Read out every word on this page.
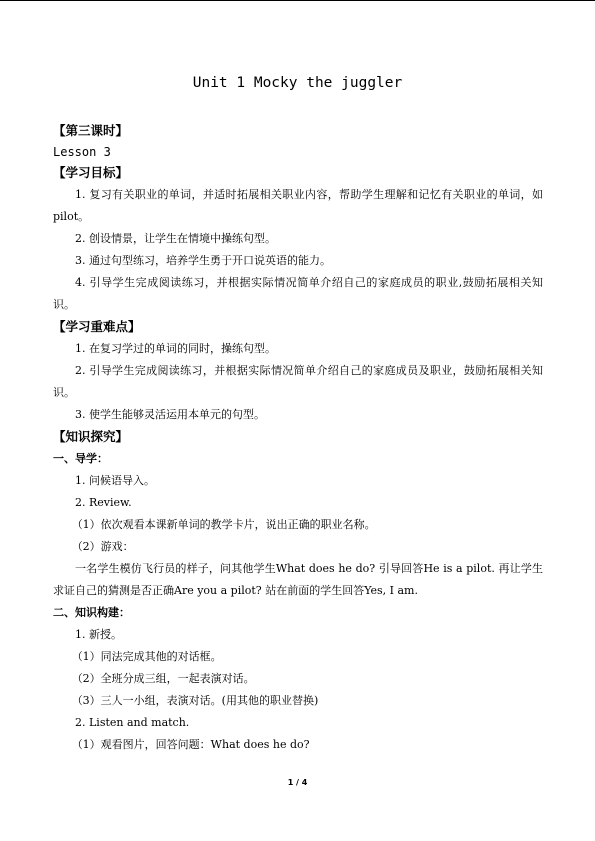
Unit 1 Mocky the juggler
【第三课时】
Lesson 3
【学习目标】
1. 复习有关职业的单词，并适时拓展相关职业内容，帮助学生理解和记忆有关职业的单词，如pilot。
2. 创设情景，让学生在情境中操练句型。
3. 通过句型练习，培养学生勇于开口说英语的能力。
4. 引导学生完成阅读练习，并根据实际情况简单介绍自己的家庭成员的职业,鼓励拓展相关知识。
【学习重难点】
1. 在复习学过的单词的同时，操练句型。
2. 引导学生完成阅读练习，并根据实际情况简单介绍自己的家庭成员及职业，鼓励拓展相关知识。
3. 使学生能够灵活运用本单元的句型。
【知识探究】
一、导学：
1. 问候语导入。
2. Review.
（1）依次观看本课新单词的教学卡片，说出正确的职业名称。
（2）游戏：
一名学生模仿飞行员的样子，问其他学生What does he do? 引导回答He is a pilot. 再让学生求证自己的猜测是否正确Are you a pilot? 站在前面的学生回答Yes, I am.
二、知识构建：
1. 新授。
（1）同法完成其他的对话框。
（2）全班分成三组，一起表演对话。
（3）三人一小组，表演对话。(用其他的职业替换)
2. Listen and match.
（1）观看图片，回答问题：What does he do?
1 / 4
